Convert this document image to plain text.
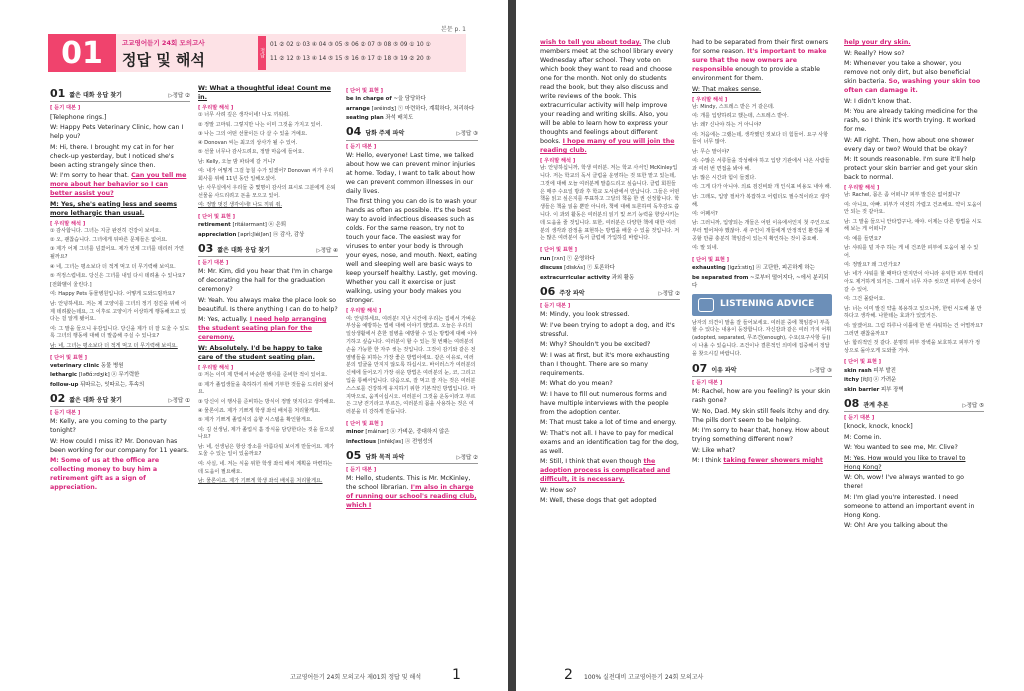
본문 p. 1
01	고교영어듣기 24회 모의고사
정답 및 해석	정답
01 ② 02 ① 03 ④ 04 ③ 05 ⑤ 06 ② 07 ③ 08 ⑤ 09 ① 10 ①
11 ② 12 ③ 13 ④ 14 ⑤ 15 ⑤ 16 ③ 17 ② 18 ③ 19 ② 20 ③
01 짧은 대화 응답 찾기	▷정답 ②
[ 듣기 대본 ]

[Telephone rings.]

W: Happy Pets Veterinary Clinic, how can I help you?

M: Hi, there. I brought my cat in for her check-up yesterday, but I noticed she's been acting strangely since then.

W: I'm sorry to hear that. Can you tell me more about her behavior so I can better assist you?

M: Yes, she's eating less and seems more lethargic than usual.

[ 우리말 해석 ]

① 감사합니다. 그녀는 지금 완전히 건강이 보여요.

② 오, 괜찮습니다. 그녀에게 뒤따른 문제들은 없어요.

③ 제가 어제 그녀를 넘겼어요. 제가 언제 그녀를 데리러 가면 될까요?

④ 네, 그녀는 평소보다 더 적게 먹고 더 무기력해 보여요.

⑤ 걱정스럽네요. 당신은 그녀를 내일 다시 데려올 수 있나요?

[전화벨이 울린다.]

여: Happy Pets 동물병원입니다. 어떻게 도와드릴까요?

남: 안녕하세요. 저는 제 고양이를 그녀의 정기 검진을 위해 어제 데려왔는데요, 그 이후로 고양이가 이상하게 행동해오고 있다는 걸 알게 됐어요.

여: 그 말을 들으니 유감입니다. 당신을 제가 더 잘 도울 수 있도록 그녀의 행동에 대해 더 말씀해 주실 수 있나요?

남: 네, 그녀는 평소보다 더 적게 먹고 더 무기력해 보여요.

[ 단어 및 표현 ]

veterinary clinic 동물 병원

lethargic [ləθɑ́ːrdʒik] ⓐ 무기력한

follow-up 뒤따르는, 잇따르는, 후속의

02 짧은 대화 응답 찾기	▷정답 ①
[ 듣기 대본 ]

M: Kelly, are you coming to the party tonight?

W: How could I miss it? Mr. Donovan has been working for our company for 11 years.

M: Some of us at the office are collecting money to buy him a retirement gift as a sign of appreciation.

W: What a thoughtful idea! Count me in.

[ 우리말 해석 ]

① 너무 사려 깊은 생각이네! 나도 끼워줘.

② 정말 고마워. 그렇지만 나는 이미 그것을 가지고 있어.

③ 나는 그의 어떤 선물이든 다 살 수 있을 거예요.

④ Donovan 씨는 최고의 상사가 될 수 있어.

⑤ 선물 너무나 감사드려요, 정말 마음에 들어요.

남: Kelly, 오늘 밤 파티에 갈 거니?

여: 내가 어떻게 그걸 놓칠 수가 있겠어? Donovan 씨가 우리 회사를 위해 11년 동안 일해오셨어.

남: 사무실에서 우리들 중 몇명이 감사의 표시로 그분에게 은퇴 선물을 사드리려고 돈을 모으고 있어.

여: 정말 멋진 생각이네! 나도 끼워 줘.

[ 단어 및 표현 ]

retirement [ritáiərmənt] ⓝ 은퇴

appreciation [əprìːʃiéiʃən] ⓝ 감사, 감상

03 짧은 대화 응답 찾기	▷정답 ④
[ 듣기 대본 ]

M: Mr. Kim, did you hear that I'm in charge of decorating the hall for the graduation ceremony?

W: Yeah. You always make the place look so beautiful. Is there anything I can do to help?

M: Yes, actually. I need help arranging the student seating plan for the ceremony.

W: Absolutely. I'd be happy to take care of the student seating plan.

[ 우리말 해석 ]

① 저는 이미 제 반에서 바순한 행사를 준비한 적이 있어요.

② 제가 졸업생들을 축하하기 위해 기부한 것들을 드리러 왔어요.

③ 당신이 이 행사를 준비하는 방식이 정말 멋지다고 생각해요.

④ 물론이죠. 제가 기쁘게 학생 좌석 배치를 처리할게요.

⑤ 제가 기쁘게 졸업식의 음향 시스템을 확인할게요.

여: 김 선생님, 제가 졸업식 홀 장식을 담당한다는 것을 들으셨나요?

남: 네, 선생님은 항상 장소를 아름다워 보이게 만들어요. 제가 도울 수 있는 일이 있을까요?

여: 사실, 네. 저는 식을 위한 학생 좌석 배치 계획을 마련하는 데 도움이 필요해요.

남: 물론이죠. 제가 기쁘게 학생 좌석 배치를 처리할게요.

[ 단어 및 표현 ]

be in charge of ~을 담당하다

arrange [əréindʒ] ⓥ 마련하다, 계획하다, 처리하다

seating plan 좌석 배치도

04 담화 주제 파악	▷정답 ③
[ 듣기 대본 ]

W: Hello, everyone! Last time, we talked about how we can prevent minor injuries at home. Today, I want to talk about how we can prevent common illnesses in our daily lives.

The first thing you can do is to wash your hands as often as possible. It's the best way to avoid infectious diseases such as colds. For the same reason, try not to touch your face. The easiest way for viruses to enter your body is through your eyes, nose, and mouth. Next, eating well and sleeping well are basic ways to keep yourself healthy. Lastly, get moving. Whether you call it exercise or just walking, using your body makes you stronger.

[ 우리말 해석 ]

여: 안녕하세요, 여러분! 지난 시간에 우리는 집에서 가벼운 부상을 예방하는 법에 대해 이야기 했었죠. 오늘은 우리의 일상생활에서 흔한 질병을 예방할 수 있는 방법에 대해 이야기하고 싶습니다. 여러분이 할 수 있는 첫 번째는 여러분의 손을 가능한 한 자주 씻는 것입니다. 그것이 감기와 같은 전염병들을 피하는 가장 좋은 방법이에요. 같은 이유로, 여러분의 얼굴을 만지지 않도록 하십시오. 바이러스가 여러분의 신체에 들어오기 가장 쉬운 방법은 여러분의 눈, 코, 그리고 입을 통해서입니다. 다음으로, 잘 먹고 잘 자는 것은 여러분 스스로를 건강하게 유지하기 위한 기본적인 방법입니다. 마지막으로, 움직이십시오. 여러분이 그것을 운동이라고 부르든 그냥 걷기라고 부르든, 여러분의 몸을 사용하는 것은 여러분을 더 강하게 만듭니다.

[ 단어 및 표현 ]

minor [máinər] ⓐ 가벼운, 중대하지 않은

infectious [infékʃəs] ⓐ 전염성의

05 담화 목적 파악	▷정답 ②
[ 듣기 대본 ]

M: Hello, students. This is Mr. McKinley, the school librarian. I'm also in charge of running our school's reading club, which I

고교영어듣기 24회 모의고사 제01회 정답 및 해석 1

wish to tell you about today. The club members meet at the school library every Wednesday after school. They vote on which book they want to read and choose one for the month. Not only do students read the book, but they also discuss and write reviews of the book. This extracurricular activity will help improve your reading and writing skills. Also, you will be able to learn how to express your thoughts and feelings about different books. I hope many of you will join the reading club.

[ 우리말 해석 ]

남: 안녕하십니까, 학생 여러분. 저는 학교 사서인 McKinley입니다. 저는 학교의 독서 클럽을 운영하는 것 또한 맡고 있는데, 그것에 대해 오늘 여러분께 말씀드리고 싶습니다. 클럽 회원들은 매주 수요일 방과 후 학교 도서관에서 만납니다. 그들은 어떤 책을 읽고 싶은지를 투표하고 그달의 책을 한 권 선정합니다. 학생들은 책을 읽을 뿐만 아니라, 책에 대해 토론하며 독후감도 씁니다. 이 과외 활동은 여러분의 읽기 및 쓰기 능력을 향상시키는 데 도움을 줄 것입니다. 또한, 여러분은 다양한 책에 대한 여러분의 생각과 감정을 표현하는 방법을 배울 수 있을 것입니다. 저는 많은 여러분이 독서 클럽에 가입하길 바랍니다.

[ 단어 및 표현 ]

run [rʌn] ⓥ 운영하다

discuss [diskʌ́s] ⓥ 토론하다

extracurricular activity 과외 활동

06 주장 파악	▷정답 ②
[ 듣기 대본 ]

M: Mindy, you look stressed.

W: I've been trying to adopt a dog, and it's stressful.

M: Why? Shouldn't you be excited?

W: I was at first, but it's more exhausting than I thought. There are so many requirements.

M: What do you mean?

W: I have to fill out numerous forms and have multiple interviews with the people from the adoption center.

M: That must take a lot of time and energy.

W: That's not all. I have to pay for medical exams and an identification tag for the dog, as well.

M: Still, I think that even though the adoption process is complicated and difficult, it is necessary.

W: How so?

M: Well, these dogs that get adopted

had to be separated from their first owners for some reason. It's important to make sure that the new owners are responsible enough to provide a stable environment for them.

W: That makes sense.

[ 우리말 해석 ]

남: Mindy, 스트레스 받은 거 같은데.

여: 개를 입양하려고 했는데, 스트레스 받아.

남: 왜? 신나야 하는 거 아니야?

여: 처음에는 그랬는데, 생각했던 것보다 더 힘들어. 요구 사항들이 너무 많아.

남: 무슨 말이야?

여: 수많은 서류들을 작성해야 하고 입양 기관에서 나온 사람들과 여러 번 면접을 봐야 해.

남: 많은 시간과 힘이 들겠다.

여: 그게 다가 아니야. 의료 검진비와 개 인식표 비용도 내야 해.

남: 그래도, 입양 절차가 복잡하고 어렵더도 필수적이라고 생각해.

여: 어째서?

남: 그러니까, 입양되는 개들은 어떤 이유에서인지 첫 주인으로부터 떨어져야 했잖아. 새 주인이 개들에게 안정적인 환경을 제공할 만큼 충분히 책임감이 있는지 확인하는 것이 중요해.

여: 말 되네.

[ 단어 및 표현 ]

exhausting [igzɔ́ːstiŋ] ⓐ 고단한, 피곤하게 하는

be separated from ~로부터 떨어지다, ~에서 분리되다

LISTENING ADVICE

남자의 의견이 말을 잘 들어보세요. 여러분 중에 책임감이 부족할 수 있다는 내용이 등장합니다. 자신감과 같은 여러 가지 어휘(adopted, separated, 무조건(enough), 수요(요구사항 등)) 이 나올 수 있습니다. 조건이나 결론적인 의미에 집중해서 정답을 찾으시길 바랍니다.

07 이유 파악	▷정답 ③
[ 듣기 대본 ]

M: Rachel, how are you feeling? Is your skin rash gone?

W: No, Dad. My skin still feels itchy and dry. The pills don't seem to be helping.

M: I'm sorry to hear that, honey. How about trying something different now?

W: Like what?

M: I think taking fewer showers might

help your dry skin.

W: Really? How so?

M: Whenever you take a shower, you remove not only dirt, but also beneficial skin bacteria. So, washing your skin too often can damage it.

W: I didn't know that.

M: You are already taking medicine for the rash, so I think it's worth trying. It worked for me.

W: All right. Then, how about one shower every day or two? Would that be okay?

M: It sounds reasonable. I'm sure it'll help protect your skin barrier and get your skin back to normal.

[ 우리말 해석 ]

남: Rachel, 몸은 좀 어떠니? 피부 발진은 없어졌니?

여: 아니요, 아빠. 피부가 여전히 가렵고 건조해요. 약이 도움이 안 되는 것 같아요.

남: 그 말을 들으니 안타깝구나, 얘야. 이제는 다른 방법을 시도해 보는 게 어떠니?

여: 예를 들면요?

남: 샤워를 덜 자주 하는 게 네 건조한 피부에 도움이 될 수 있어.

여: 정말요? 왜 그런가요?

남: 네가 샤워를 할 때마다 먼지만이 아니라 유익한 피부 박테리아도 제거하게 되거든. 그래서 너무 자주 씻으면 피부에 손상이 갈 수 있어.

여: 그건 몰랐어요.

남: 너는 이미 발진 약을 복용하고 있으니까, 한번 시도해 볼 만하다고 생각해. 나한테는 효과가 있었거든.

여: 알겠어요. 그럼 하루나 이틀에 한 번 샤워하는 건 어떨까요? 그러면 괜찮을까요?

남: 합리적인 것 같다. 분명히 피부 장벽을 보호하고 피부가 정상으로 돌아오게 도와줄 거야.

[ 단어 및 표현 ]

skin rash 피부 발진

itchy [ítʃi] ⓐ 가려운

skin barrier 피부 장벽

08 관계 추론	▷정답 ⑤
[ 듣기 대본 ]

[knock, knock, knock]

M: Come in.

W: You wanted to see me, Mr. Clive?

M: Yes. How would you like to travel to Hong Kong?

W: Oh, wow! I've always wanted to go there!

M: I'm glad you're interested. I need someone to attend an important event in Hong Kong.

W: Oh! Are you talking about the

2 100% 실전대비 고교영어듣기 24회 모의고사
